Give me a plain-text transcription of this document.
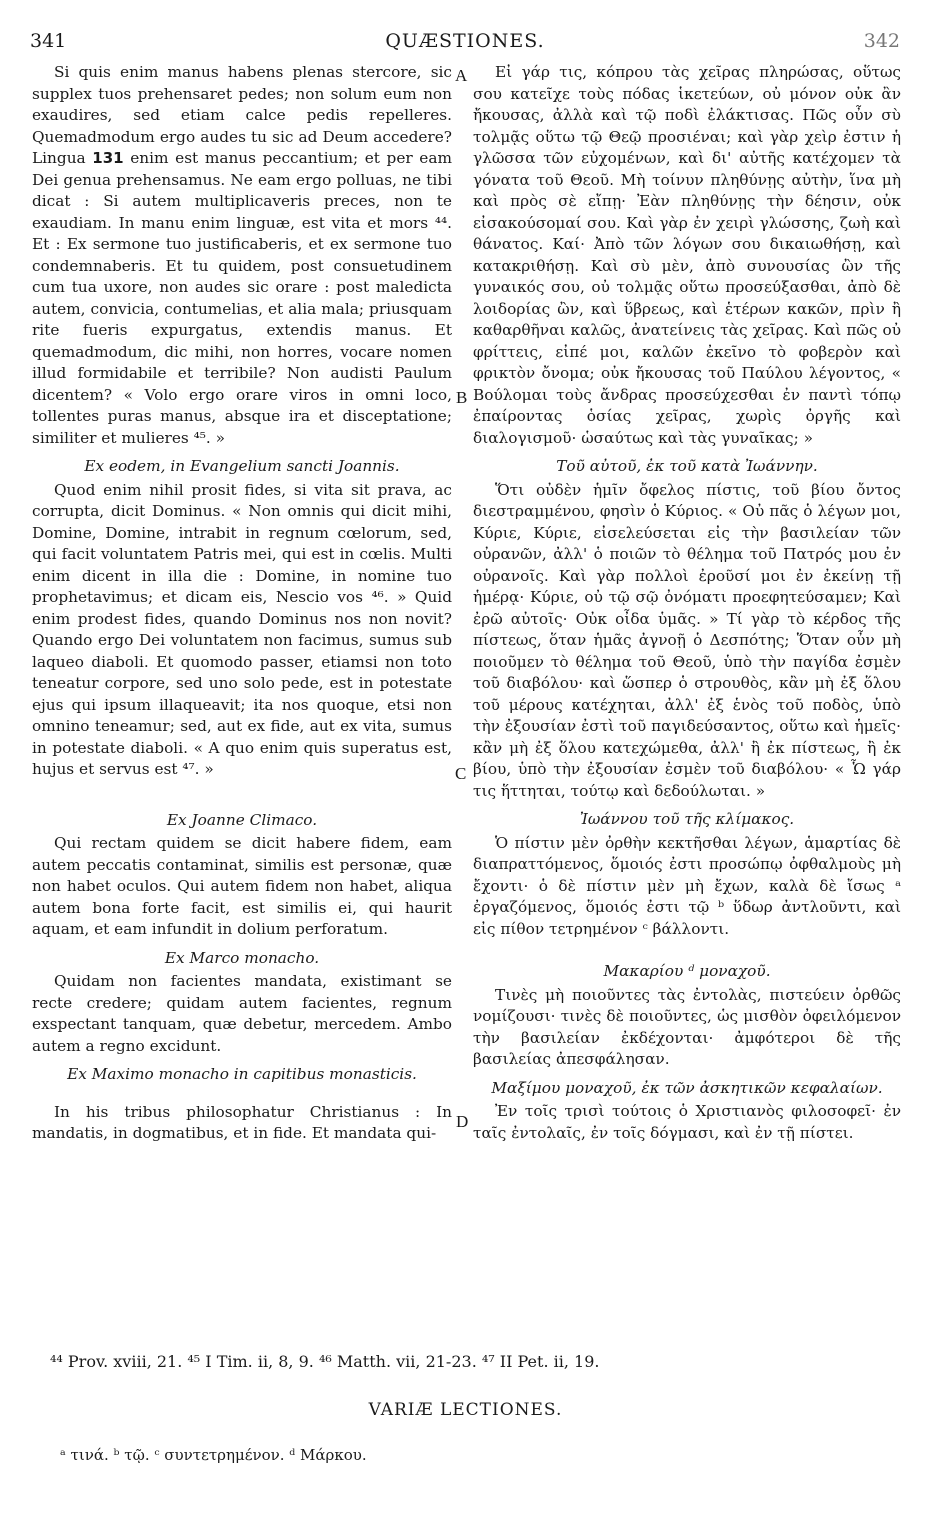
341	QUÆSTIONES.	342
A
B
C
D

Si quis enim manus habens plenas stercore, sic supplex tuos prehensaret pedes; non solum eum non exaudires, sed etiam calce pedis repelleres. Quemadmodum ergo audes tu sic ad Deum accedere? Lingua 131 enim est manus peccantium; et per eam Dei genua prehensamus. Ne eam ergo polluas, ne tibi dicat : Si autem multiplicaveris preces, non te exaudiam. In manu enim linguæ, est vita et mors ⁴⁴. Et : Ex sermone tuo justificaberis, et ex sermone tuo condemnaberis. Et tu quidem, post consuetudinem cum tua uxore, non audes sic orare : post maledicta autem, convicia, contumelias, et alia mala; priusquam rite fueris expurgatus, extendis manus. Et quemadmodum, dic mihi, non horres, vocare nomen illud formidabile et terribile? Non audisti Paulum dicentem? « Volo ergo orare viros in omni loco, tollentes puras manus, absque ira et disceptatione; similiter et mulieres ⁴⁵. »

Ex eodem, in Evangelium sancti Joannis.

Quod enim nihil prosit fides, si vita sit prava, ac corrupta, dicit Dominus. « Non omnis qui dicit mihi, Domine, Domine, intrabit in regnum cœlorum, sed, qui facit voluntatem Patris mei, qui est in cœlis. Multi enim dicent in illa die : Domine, in nomine tuo prophetavimus; et dicam eis, Nescio vos ⁴⁶. » Quid enim prodest fides, quando Dominus nos non novit? Quando ergo Dei voluntatem non facimus, sumus sub laqueo diaboli. Et quomodo passer, etiamsi non toto teneatur corpore, sed uno solo pede, est in potestate ejus qui ipsum illaqueavit; ita nos quoque, etsi non omnino teneamur; sed, aut ex fide, aut ex vita, sumus in potestate diaboli. « A quo enim quis superatus est, hujus et servus est ⁴⁷. »

Ex Joanne Climaco.

Qui rectam quidem se dicit habere fidem, eam autem peccatis contaminat, similis est personæ, quæ non habet oculos. Qui autem fidem non habet, aliqua autem bona forte facit, est similis ei, qui haurit aquam, et eam infundit in dolium perforatum.

Ex Marco monacho.

Quidam non facientes mandata, existimant se recte credere; quidam autem facientes, regnum exspectant tanquam, quæ debetur, mercedem. Ambo autem a regno excidunt.

Ex Maximo monacho in capitibus monasticis.

In his tribus philosophatur Christianus : In mandatis, in dogmatibus, et in fide. Et mandata qui-

Εἰ γάρ τις, κόπρου τὰς χεῖρας πληρώσας, οὕτως σου κατεῖχε τοὺς πόδας ἱκετεύων, οὐ μόνον οὐκ ἂν ἤκουσας, ἀλλὰ καὶ τῷ ποδὶ ἐλάκτισας. Πῶς οὖν σὺ τολμᾷς οὕτω τῷ Θεῷ προσιέναι; καὶ γὰρ χεὶρ ἐστιν ἡ γλῶσσα τῶν εὐχομένων, καὶ δι' αὐτῆς κατέχομεν τὰ γόνατα τοῦ Θεοῦ. Μὴ τοίνυν πληθύνῃς αὐτὴν, ἵνα μὴ καὶ πρὸς σὲ εἴπῃ· Ἐὰν πληθύνῃς τὴν δέησιν, οὐκ εἰσακούσομαί σου. Καὶ γὰρ ἐν χειρὶ γλώσσης, ζωὴ καὶ θάνατος. Καί· Ἀπὸ τῶν λόγων σου δικαιωθήσῃ, καὶ κατακριθήσῃ. Καὶ σὺ μὲν, ἀπὸ συνουσίας ὢν τῆς γυναικός σου, οὐ τολμᾷς οὕτω προσεύξασθαι, ἀπὸ δὲ λοιδορίας ὢν, καὶ ὕβρεως, καὶ ἑτέρων κακῶν, πρὶν ἢ καθαρθῆναι καλῶς, ἀνατείνεις τὰς χεῖρας. Καὶ πῶς οὐ φρίττεις, εἰπέ μοι, καλῶν ἐκεῖνο τὸ φοβερὸν καὶ φρικτὸν ὄνομα; οὐκ ἤκουσας τοῦ Παύλου λέγοντος, « Βούλομαι τοὺς ἄνδρας προσεύχεσθαι ἐν παντὶ τόπῳ ἐπαίροντας ὁσίας χεῖρας, χωρὶς ὀργῆς καὶ διαλογισμοῦ· ὡσαύτως καὶ τὰς γυναῖκας; »

Τοῦ αὐτοῦ, ἐκ τοῦ κατὰ Ἰωάννην.

Ὅτι οὐδὲν ἡμῖν ὄφελος πίστις, τοῦ βίου ὄντος διεστραμμένου, φησὶν ὁ Κύριος. « Οὐ πᾶς ὁ λέγων μοι, Κύριε, Κύριε, εἰσελεύσεται εἰς τὴν βασιλείαν τῶν οὐρανῶν, ἀλλ' ὁ ποιῶν τὸ θέλημα τοῦ Πατρός μου ἐν οὐρανοῖς. Καὶ γὰρ πολλοὶ ἐροῦσί μοι ἐν ἐκείνῃ τῇ ἡμέρᾳ· Κύριε, οὐ τῷ σῷ ὀνόματι προεφητεύσαμεν; Καὶ ἐρῶ αὐτοῖς· Οὐκ οἶδα ὑμᾶς. » Τί γὰρ τὸ κέρδος τῆς πίστεως, ὅταν ἡμᾶς ἀγνοῇ ὁ Δεσπότης; Ὅταν οὖν μὴ ποιοῦμεν τὸ θέλημα τοῦ Θεοῦ, ὑπὸ τὴν παγίδα ἐσμὲν τοῦ διαβόλου· καὶ ὥσπερ ὁ στρουθὸς, κἂν μὴ ἐξ ὅλου τοῦ μέρους κατέχηται, ἀλλ' ἐξ ἑνὸς τοῦ ποδὸς, ὑπὸ τὴν ἐξουσίαν ἐστὶ τοῦ παγιδεύσαντος, οὕτω καὶ ἡμεῖς· κἂν μὴ ἐξ ὅλου κατεχώμεθα, ἀλλ' ἢ ἐκ πίστεως, ἢ ἐκ βίου, ὑπὸ τὴν ἐξουσίαν ἐσμὲν τοῦ διαβόλου· « Ὧ γάρ τις ἥττηται, τούτῳ καὶ δεδούλωται. »

Ἰωάννου τοῦ τῆς κλίμακος.

Ὁ πίστιν μὲν ὀρθὴν κεκτῆσθαι λέγων, ἁμαρτίας δὲ διαπραττόμενος, ὅμοιός ἐστι προσώπῳ ὀφθαλμοὺς μὴ ἔχοντι· ὁ δὲ πίστιν μὲν μὴ ἔχων, καλὰ δὲ ἴσως ᵃ ἐργαζόμενος, ὅμοιός ἐστι τῷ ᵇ ὕδωρ ἀντλοῦντι, καὶ εἰς πίθον τετρημένον ᶜ βάλλοντι.

Μακαρίου ᵈ μοναχοῦ.

Τινὲς μὴ ποιοῦντες τὰς ἐντολὰς, πιστεύειν ὀρθῶς νομίζουσι· τινὲς δὲ ποιοῦντες, ὡς μισθὸν ὀφειλόμενον τὴν βασιλείαν ἐκδέχονται· ἀμφότεροι δὲ τῆς βασιλείας ἀπεσφάλησαν.

Μαξίμου μοναχοῦ, ἐκ τῶν ἀσκητικῶν κεφαλαίων.

Ἐν τοῖς τρισὶ τούτοις ὁ Χριστιανὸς φιλοσοφεῖ· ἐν ταῖς ἐντολαῖς, ἐν τοῖς δόγμασι, καὶ ἐν τῇ πίστει.

⁴⁴ Prov. xviii, 21. ⁴⁵ I Tim. ii, 8, 9. ⁴⁶ Matth. vii, 21-23. ⁴⁷ II Pet. ii, 19.
VARIÆ LECTIONES.
ᵃ τινά. ᵇ τῷ. ᶜ συντετρημένον. ᵈ Μάρκου.
